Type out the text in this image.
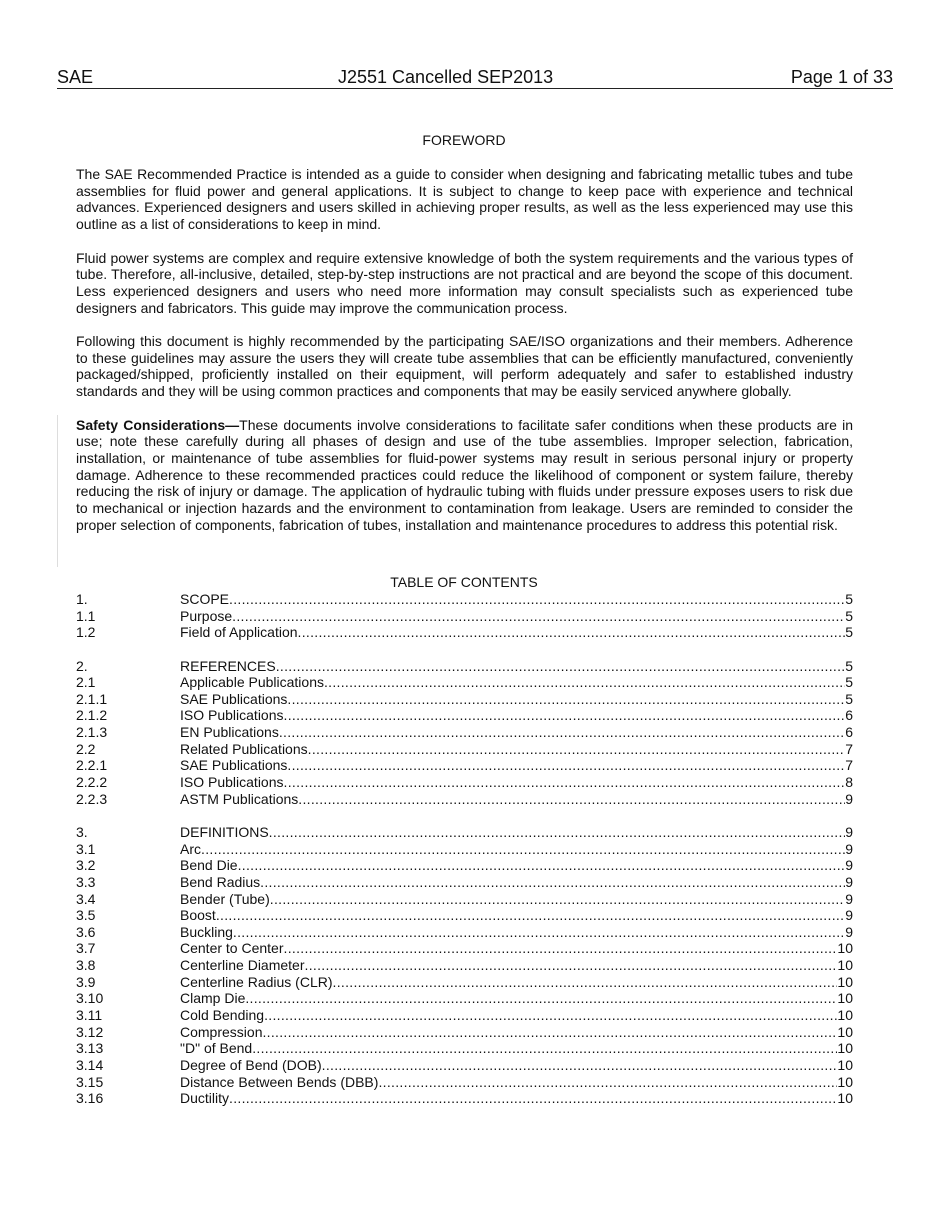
SAE	J2551 Cancelled SEP2013	Page 1 of 33
FOREWORD

The SAE Recommended Practice is intended as a guide to consider when designing and fabricating metallic tubes and tube assemblies for fluid power and general applications. It is subject to change to keep pace with experience and technical advances. Experienced designers and users skilled in achieving proper results, as well as the less experienced may use this outline as a list of considerations to keep in mind.

Fluid power systems are complex and require extensive knowledge of both the system requirements and the various types of tube. Therefore, all-inclusive, detailed, step-by-step instructions are not practical and are beyond the scope of this document. Less experienced designers and users who need more information may consult specialists such as experienced tube designers and fabricators. This guide may improve the communication process.

Following this document is highly recommended by the participating SAE/ISO organizations and their members. Adherence to these guidelines may assure the users they will create tube assemblies that can be efficiently manufactured, conveniently packaged/shipped, proficiently installed on their equipment, will perform adequately and safer to established industry standards and they will be using common practices and components that may be easily serviced anywhere globally.

Safety Considerations—These documents involve considerations to facilitate safer conditions when these products are in use; note these carefully during all phases of design and use of the tube assemblies. Improper selection, fabrication, installation, or maintenance of tube assemblies for fluid-power systems may result in serious personal injury or property damage. Adherence to these recommended practices could reduce the likelihood of component or system failure, thereby reducing the risk of injury or damage. The application of hydraulic tubing with fluids under pressure exposes users to risk due to mechanical or injection hazards and the environment to contamination from leakage. Users are reminded to consider the proper selection of components, fabrication of tubes, installation and maintenance procedures to address this potential risk.

TABLE OF CONTENTS
1.	SCOPE .....	5
1.1	Purpose .....	5
1.2	Field of Application .....	5
2.	REFERENCES .....	5
2.1	Applicable Publications .....	5
2.1.1	SAE Publications .....	5
2.1.2	ISO Publications .....	6
2.1.3	EN Publications .....	6
2.2	Related Publications .....	7
2.2.1	SAE Publications .....	7
2.2.2	ISO Publications .....	8
2.2.3	ASTM Publications .....	9
3.	DEFINITIONS .....	9
3.1	Arc .....	9
3.2	Bend Die .....	9
3.3	Bend Radius .....	9
3.4	Bender (Tube) .....	9
3.5	Boost .....	9
3.6	Buckling .....	9
3.7	Center to Center .....	10
3.8	Centerline Diameter .....	10
3.9	Centerline Radius (CLR) .....	10
3.10	Clamp Die .....	10
3.11	Cold Bending .....	10
3.12	Compression .....	10
3.13	"D" of Bend .....	10
3.14	Degree of Bend (DOB) .....	10
3.15	Distance Between Bends (DBB) .....	10
3.16	Ductility .....	10
